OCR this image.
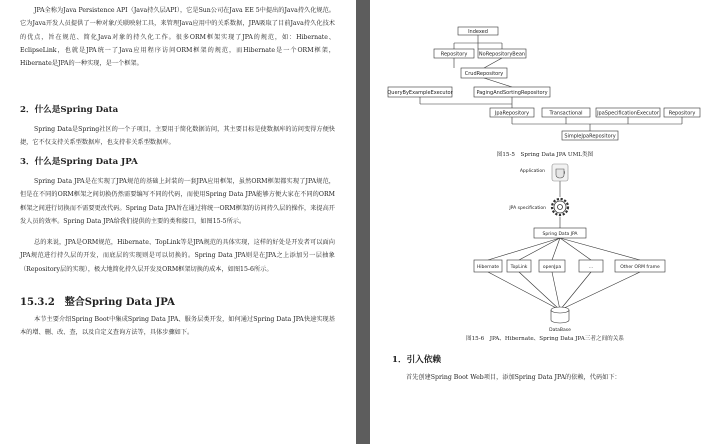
JPA全称为Java Persistence API（Java持久层API），它是Sun公司在Java EE 5中提出的Java持久化规范。它为Java开发人员提供了一种对象/关联映射工具，来管理Java应用中的关系数据，JPA吸取了目前Java持久化技术的优点，旨在规范、简化Java对象的持久化工作。很多ORM框架实现了JPA的规范，如：Hibernate、EclipseLink，也就是JPA统一了Java应用程序访问ORM框架的规范，而Hibernate是一个ORM框架，Hibernate是JPA的一种实现，是一个框架。

2．什么是Spring Data

Spring Data是Spring社区的一个子项目，主要用于简化数据访问，其主要目标是使数据库的访问变得方便快捷，它不仅支持关系型数据库，也支持非关系型数据库。

3．什么是Spring Data JPA

Spring Data JPA是在实现了JPA规范的基础上封装的一套JPA应用框架，虽然ORM框架都实现了JPA规范，但是在不同的ORM框架之间切换仍然需要编写不同的代码，而使用Spring Data JPA能够方便大家在不同的ORM框架之间进行切换而不需要更改代码。Spring Data JPA旨在通过将统一ORM框架的访问持久层的操作，来提高开发人员的效率。Spring Data JPA给我们提供的主要的类和接口，如图15-5所示。

总的来说，JPA是ORM规范，Hibernate、TopLink等是JPA规范的具体实现，这样的好处是开发者可以面向JPA规范进行持久层的开发，而底层的实现则是可以切换的。Spring Data JPA则是在JPA之上添加另一层抽象（Repository层的实现），极大地简化持久层开发及ORM框架切换的成本，如图15-6所示。

15.3.2　整合Spring Data JPA

本节主要介绍Spring Boot中集成Spring Data JPA、服务层类开发，如何通过Spring Data JPA快速实现基本的增、删、改、查，以及自定义查询方法等，具体步骤如下。

Indexed
Repository NoRepositoryBean
CrudRepository
QueryByExampleExecutor	PagingAndSortingRepository
JpaRepository	Transactional	JpaSpecificationExecutor Repository
SimpleJpaRepository

图15-5　Spring Data JPA UML类图

Application
JPA specification
Spring Data JPA
Hibernate	TopLink	openJpa	...	Other ORM frame
DataBase

图15-6　JPA、Hibernate、Spring Data JPA三者之间的关系

1．引入依赖

首先创建Spring Boot Web项目，添加Spring Data JPA的依赖，代码如下：
